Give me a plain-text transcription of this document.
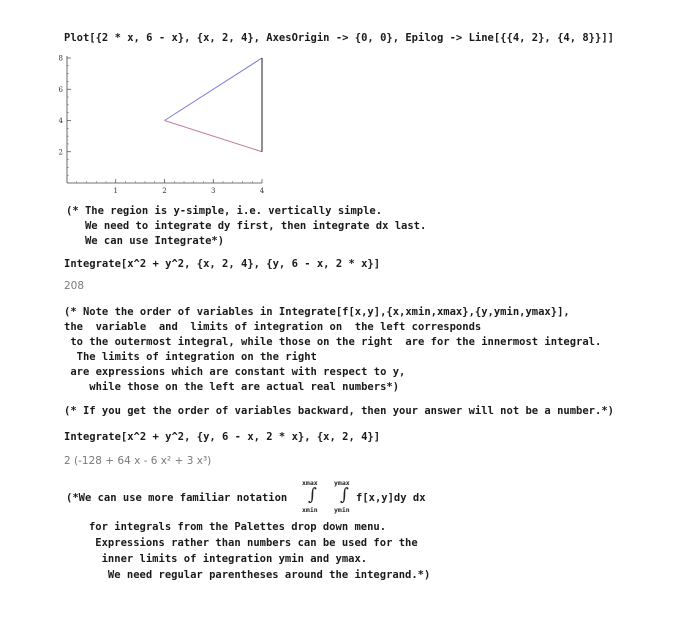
Plot[{2 * x, 6 - x}, {x, 2, 4}, AxesOrigin -> {0, 0}, Epilog -> Line[{{4, 2}, {4, 8}}]]
1	2	3	4
2
4
6
8
(* The region is y-simple, i.e. vertically simple.
We need to integrate dy first, then integrate dx last.
We can use Integrate*)
Integrate[x^2 + y^2, {x, 2, 4}, {y, 6 - x, 2 * x}]
208
(* Note the order of variables in Integrate[f[x,y],{x,xmin,xmax},{y,ymin,ymax}],
the  variable  and  limits of integration on  the left corresponds
to the outermost integral, while those on the right  are for the innermost integral.
The limits of integration on the right
are expressions which are constant with respect to y,
while those on the left are actual real numbers*)
(* If you get the order of variables backward, then your answer will not be a number.*)
Integrate[x^2 + y^2, {y, 6 - x, 2 * x}, {x, 2, 4}]
2 (-128 + 64 x - 6 x² + 3 x³)
(*We can use more familiar notation
xmax
∫
xmin
ymax
∫
ymin
f[x,y]dy dx
for integrals from the Palettes drop down menu.
Expressions rather than numbers can be used for the
inner limits of integration ymin and ymax.
We need regular parentheses around the integrand.*)
